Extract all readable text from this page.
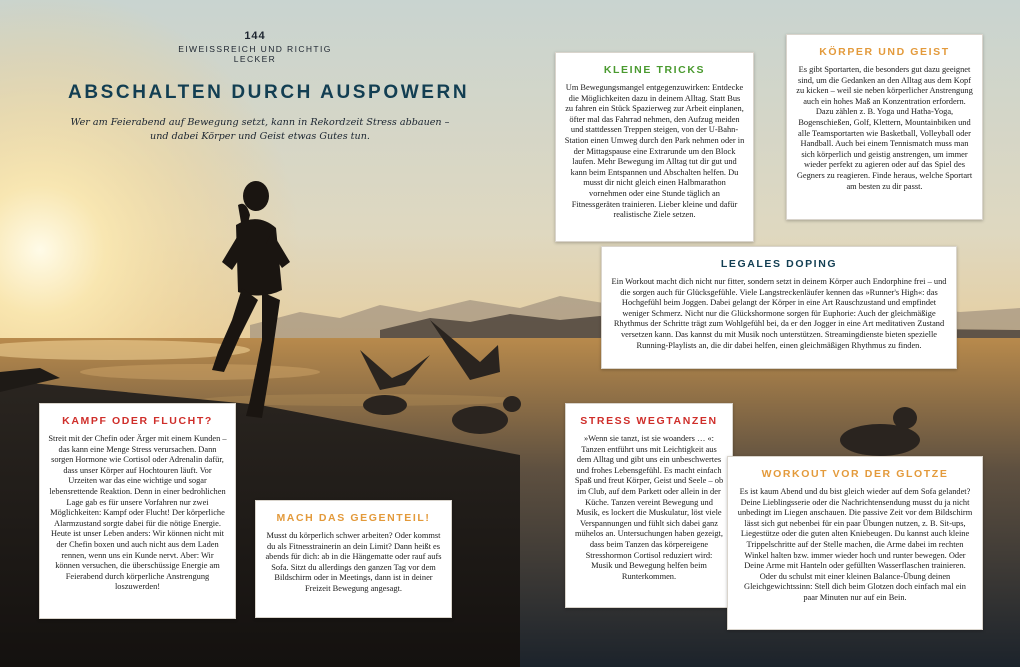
144
EIWEISSREICH UND RICHTIG LECKER
ABSCHALTEN DURCH AUSPOWERN

Wer am Feierabend auf Bewegung setzt, kann in Rekordzeit Stress abbauen – und dabei Körper und Geist etwas Gutes tun.

KLEINE TRICKS

Um Bewegungsmangel entgegenzuwirken: Entdecke die Möglichkeiten dazu in deinem Alltag. Statt Bus zu fahren ein Stück Spazierweg zur Arbeit einplanen, öfter mal das Fahrrad nehmen, den Aufzug meiden und stattdessen Treppen steigen, von der U-Bahn-Station einen Umweg durch den Park nehmen oder in der Mittagspause eine Extrarunde um den Block laufen. Mehr Bewegung im Alltag tut dir gut und kann beim Entspannen und Abschalten helfen. Du musst dir nicht gleich einen Halbmarathon vornehmen oder eine Stunde täglich an Fitnessgeräten trainieren. Lieber kleine und dafür realistische Ziele setzen.

KÖRPER UND GEIST

Es gibt Sportarten, die besonders gut dazu geeignet sind, um die Gedanken an den Alltag aus dem Kopf zu kicken – weil sie neben körperlicher Anstrengung auch ein hohes Maß an Konzentration erfordern. Dazu zählen z. B. Yoga und Hatha-Yoga, Bogenschießen, Golf, Klettern, Mountainbiken und alle Teamsportarten wie Basketball, Volleyball oder Handball. Auch bei einem Tennismatch muss man sich körperlich und geistig anstrengen, um immer wieder perfekt zu agieren oder auf das Spiel des Gegners zu reagieren. Finde heraus, welche Sportart am besten zu dir passt.

LEGALES DOPING

Ein Workout macht dich nicht nur fitter, sondern setzt in deinem Körper auch Endorphine frei – und die sorgen auch für Glücksgefühle. Viele Langstreckenläufer kennen das »Runner's High«: das Hochgefühl beim Joggen. Dabei gelangt der Körper in eine Art Rauschzustand und empfindet weniger Schmerz. Nicht nur die Glückshormone sorgen für Euphorie: Auch der gleichmäßige Rhythmus der Schritte trägt zum Wohlgefühl bei, da er den Jogger in eine Art meditativen Zustand versetzen kann. Das kannst du mit Musik noch unterstützen. Streamingdienste bieten spezielle Running-Playlists an, die dir dabei helfen, einen gleichmäßigen Rhythmus zu finden.

KAMPF ODER FLUCHT?

Streit mit der Chefin oder Ärger mit einem Kunden – das kann eine Menge Stress verursachen. Dann sorgen Hormone wie Cortisol oder Adrenalin dafür, dass unser Körper auf Hochtouren läuft. Vor Urzeiten war das eine wichtige und sogar lebensrettende Reaktion. Denn in einer bedrohlichen Lage gab es für unsere Vorfahren nur zwei Möglichkeiten: Kampf oder Flucht! Der körperliche Alarmzustand sorgte dabei für die nötige Energie. Heute ist unser Leben anders: Wir können nicht mit der Chefin boxen und auch nicht aus dem Laden rennen, wenn uns ein Kunde nervt. Aber: Wir können versuchen, die überschüssige Energie am Feierabend durch körperliche Anstrengung loszuwerden!

MACH DAS GEGENTEIL!

Musst du körperlich schwer arbeiten? Oder kommst du als Fitnesstrainerin an dein Limit? Dann heißt es abends für dich: ab in die Hängematte oder rauf aufs Sofa. Sitzt du allerdings den ganzen Tag vor dem Bildschirm oder in Meetings, dann ist in deiner Freizeit Bewegung angesagt.

STRESS WEGTANZEN

»Wenn sie tanzt, ist sie woanders … «: Tanzen entführt uns mit Leichtigkeit aus dem Alltag und gibt uns ein unbeschwertes und frohes Lebensgefühl. Es macht einfach Spaß und freut Körper, Geist und Seele – ob im Club, auf dem Parkett oder allein in der Küche. Tanzen vereint Bewegung und Musik, es lockert die Muskulatur, löst viele Verspannungen und fühlt sich dabei ganz mühelos an. Untersuchungen haben gezeigt, dass beim Tanzen das körpereigene Stresshormon Cortisol reduziert wird: Musik und Bewegung helfen beim Runterkommen.

WORKOUT VOR DER GLOTZE

Es ist kaum Abend und du bist gleich wieder auf dem Sofa gelandet? Deine Lieblingsserie oder die Nachrichtensendung musst du ja nicht unbedingt im Liegen anschauen. Die passive Zeit vor dem Bildschirm lässt sich gut nebenbei für ein paar Übungen nutzen, z. B. Sit-ups, Liegestütze oder die guten alten Kniebeugen. Du kannst auch kleine Trippelschritte auf der Stelle machen, die Arme dabei im rechten Winkel halten bzw. immer wieder hoch und runter bewegen. Oder Deine Arme mit Hanteln oder gefüllten Wasserflaschen trainieren. Oder du schulst mit einer kleinen Balance-Übung deinen Gleichgewichtssinn: Stell dich beim Glotzen doch einfach mal ein paar Minuten nur auf ein Bein.
